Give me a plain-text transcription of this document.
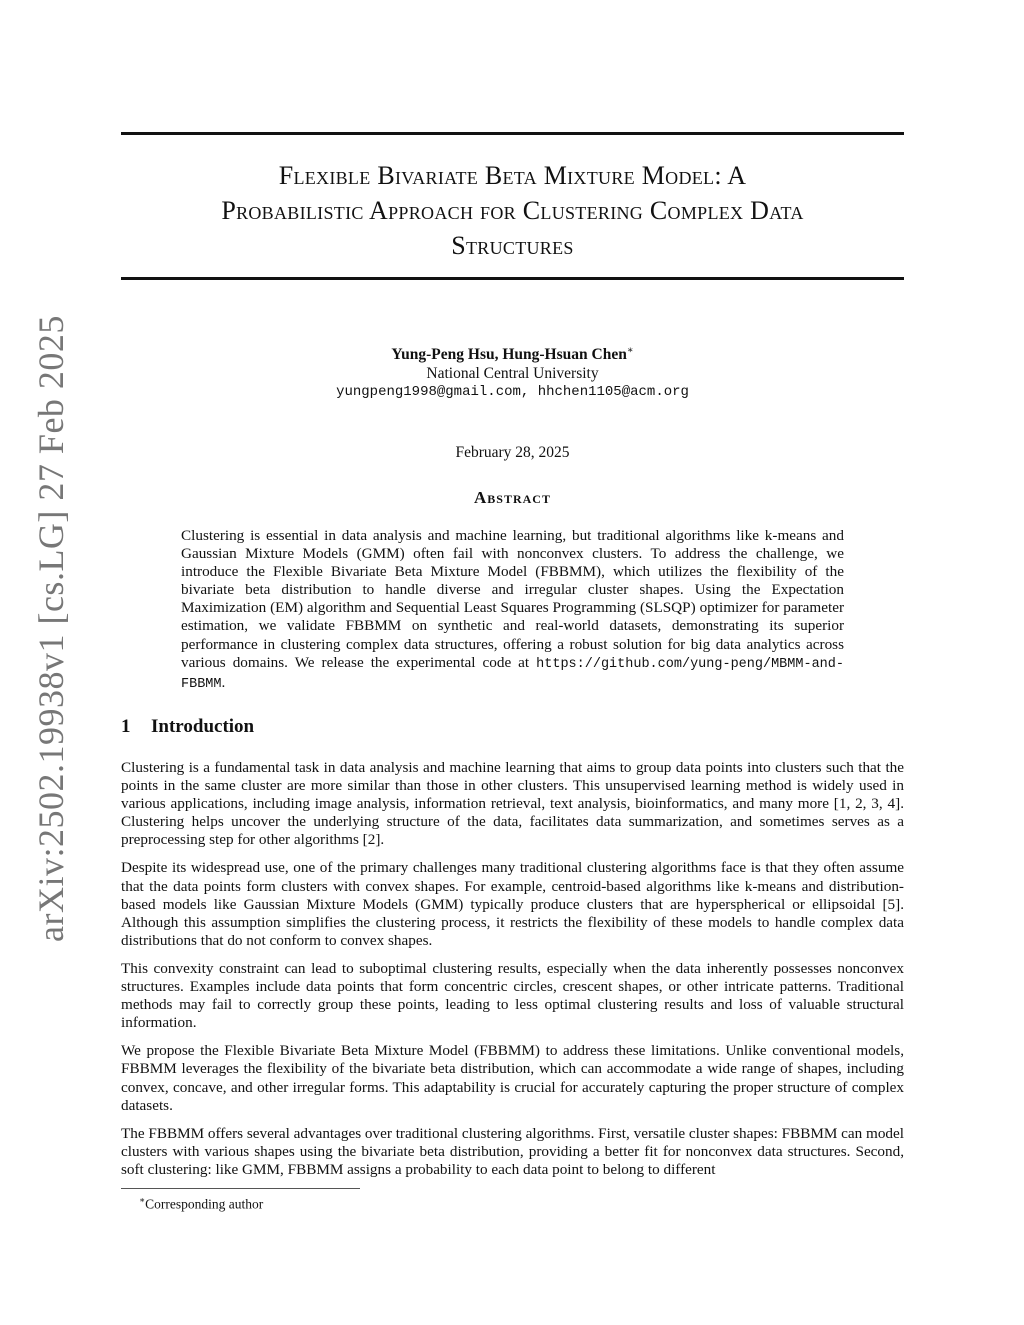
Flexible Bivariate Beta Mixture Model: A
Probabilistic Approach for Clustering Complex Data
Structures
Yung-Peng Hsu, Hung-Hsuan Chen∗
National Central University
yungpeng1998@gmail.com, hhchen1105@acm.org
February 28, 2025
Abstract
Clustering is essential in data analysis and machine learning, but traditional algorithms like k-means and Gaussian Mixture Models (GMM) often fail with nonconvex clusters. To address the challenge, we introduce the Flexible Bivariate Beta Mixture Model (FBBMM), which utilizes the flexibility of the bivariate beta distribution to handle diverse and irregular cluster shapes. Using the Expectation Maximization (EM) algorithm and Sequential Least Squares Programming (SLSQP) optimizer for parameter estimation, we validate FBBMM on synthetic and real-world datasets, demonstrating its superior performance in clustering complex data structures, offering a robust solution for big data analytics across various domains. We release the experimental code at https://github.com/yung-peng/MBMM-and-FBBMM.
1 Introduction

Clustering is a fundamental task in data analysis and machine learning that aims to group data points into clusters such that the points in the same cluster are more similar than those in other clusters. This unsupervised learning method is widely used in various applications, including image analysis, information retrieval, text analysis, bioinformatics, and many more [1, 2, 3, 4]. Clustering helps uncover the underlying structure of the data, facilitates data summarization, and sometimes serves as a preprocessing step for other algorithms [2].

Despite its widespread use, one of the primary challenges many traditional clustering algorithms face is that they often assume that the data points form clusters with convex shapes. For example, centroid-based algorithms like k-means and distribution-based models like Gaussian Mixture Models (GMM) typically produce clusters that are hyperspherical or ellipsoidal [5]. Although this assumption simplifies the clustering process, it restricts the flexibility of these models to handle complex data distributions that do not conform to convex shapes.

This convexity constraint can lead to suboptimal clustering results, especially when the data inherently possesses nonconvex structures. Examples include data points that form concentric circles, crescent shapes, or other intricate patterns. Traditional methods may fail to correctly group these points, leading to less optimal clustering results and loss of valuable structural information.

We propose the Flexible Bivariate Beta Mixture Model (FBBMM) to address these limitations. Unlike conventional models, FBBMM leverages the flexibility of the bivariate beta distribution, which can accommodate a wide range of shapes, including convex, concave, and other irregular forms. This adaptability is crucial for accurately capturing the proper structure of complex datasets.

The FBBMM offers several advantages over traditional clustering algorithms. First, versatile cluster shapes: FBBMM can model clusters with various shapes using the bivariate beta distribution, providing a better fit for nonconvex data structures. Second, soft clustering: like GMM, FBBMM assigns a probability to each data point to belong to different

∗Corresponding author
arXiv:2502.19938v1 [cs.LG] 27 Feb 2025
